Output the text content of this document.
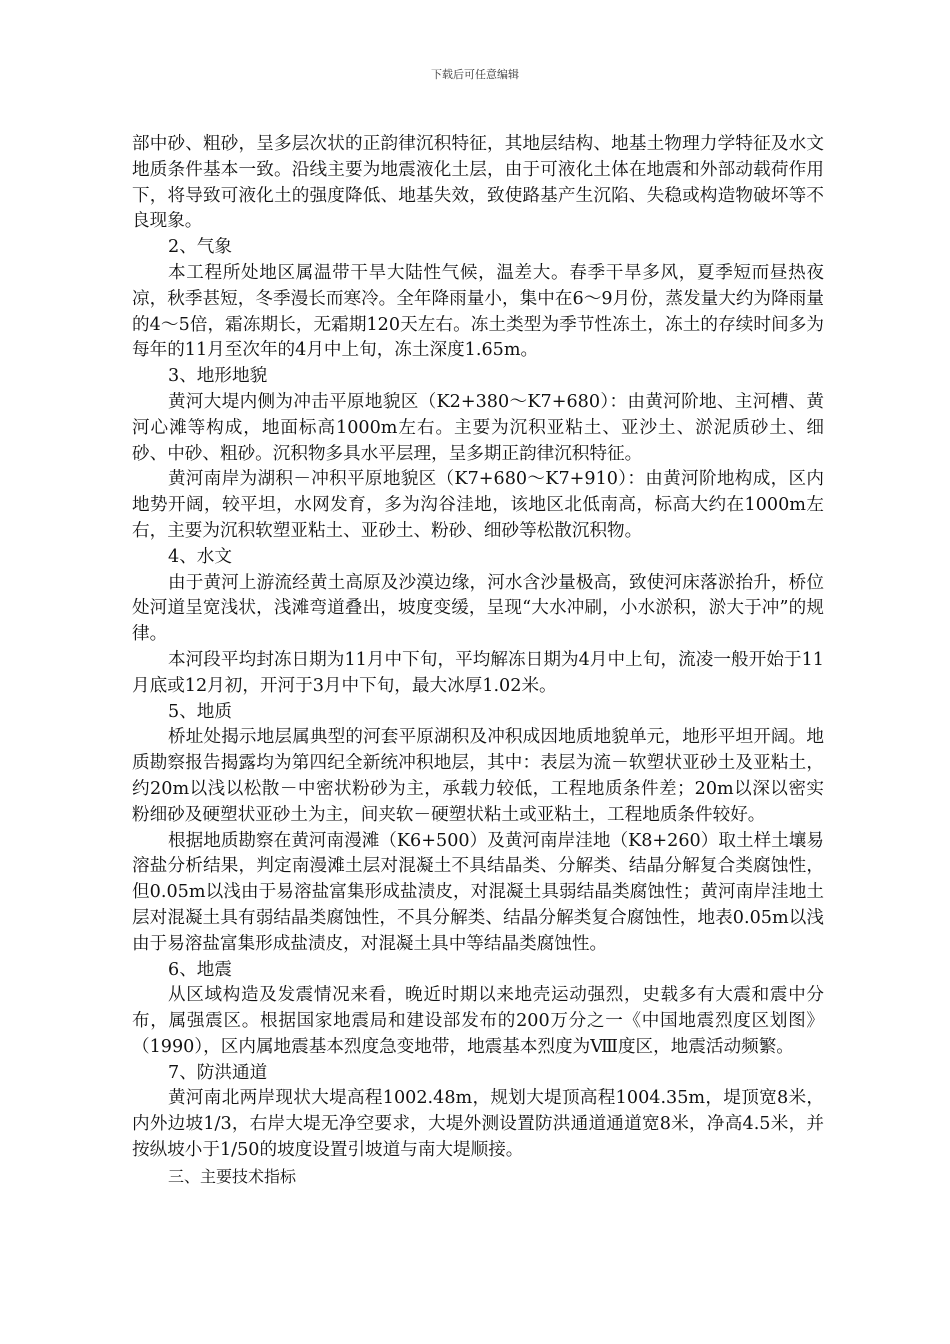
下载后可任意编辑

部中砂、粗砂，呈多层次状的正韵律沉积特征，其地层结构、地基土物理力学特征及水文地质条件基本一致。沿线主要为地震液化土层，由于可液化土体在地震和外部动载荷作用下，将导致可液化土的强度降低、地基失效，致使路基产生沉陷、失稳或构造物破坏等不良现象。

2、气象

本工程所处地区属温带干旱大陆性气候，温差大。春季干旱多风，夏季短而昼热夜凉，秋季甚短，冬季漫长而寒冷。全年降雨量小，集中在6～9月份，蒸发量大约为降雨量的4～5倍，霜冻期长，无霜期120天左右。冻土类型为季节性冻土，冻土的存续时间多为每年的11月至次年的4月中上旬，冻土深度1.65m。

3、地形地貌

黄河大堤内侧为冲击平原地貌区（K2+380～K7+680）：由黄河阶地、主河槽、黄河心滩等构成，地面标高1000m左右。主要为沉积亚粘土、亚沙土、淤泥质砂土、细砂、中砂、粗砂。沉积物多具水平层理，呈多期正韵律沉积特征。

黄河南岸为湖积－冲积平原地貌区（K7+680～K7+910）：由黄河阶地构成，区内地势开阔，较平坦，水网发育，多为沟谷洼地，该地区北低南高，标高大约在1000m左右，主要为沉积软塑亚粘土、亚砂土、粉砂、细砂等松散沉积物。

4、水文

由于黄河上游流经黄土高原及沙漠边缘，河水含沙量极高，致使河床落淤抬升，桥位处河道呈宽浅状，浅滩弯道叠出，坡度变缓，呈现“大水冲刷，小水淤积，淤大于冲”的规律。

本河段平均封冻日期为11月中下旬，平均解冻日期为4月中上旬，流凌一般开始于11月底或12月初，开河于3月中下旬，最大冰厚1.02米。

5、地质

桥址处揭示地层属典型的河套平原湖积及冲积成因地质地貌单元，地形平坦开阔。地质勘察报告揭露均为第四纪全新统冲积地层，其中：表层为流－软塑状亚砂土及亚粘土，约20m以浅以松散－中密状粉砂为主，承载力较低，工程地质条件差；20m以深以密实粉细砂及硬塑状亚砂土为主，间夹软－硬塑状粘土或亚粘土，工程地质条件较好。

根据地质勘察在黄河南漫滩（K6+500）及黄河南岸洼地（K8+260）取土样土壤易溶盐分析结果，判定南漫滩土层对混凝土不具结晶类、分解类、结晶分解复合类腐蚀性，但0.05m以浅由于易溶盐富集形成盐渍皮，对混凝土具弱结晶类腐蚀性；黄河南岸洼地土层对混凝土具有弱结晶类腐蚀性，不具分解类、结晶分解类复合腐蚀性，地表0.05m以浅由于易溶盐富集形成盐渍皮，对混凝土具中等结晶类腐蚀性。

6、地震

从区域构造及发震情况来看，晚近时期以来地壳运动强烈，史载多有大震和震中分布，属强震区。根据国家地震局和建设部发布的200万分之一《中国地震烈度区划图》（1990），区内属地震基本烈度急变地带，地震基本烈度为Ⅷ度区，地震活动频繁。

7、防洪通道

黄河南北两岸现状大堤高程1002.48m，规划大堤顶高程1004.35m，堤顶宽8米，内外边坡1/3，右岸大堤无净空要求，大堤外测设置防洪通道通道宽8米，净高4.5米，并按纵坡小于1/50的坡度设置引坡道与南大堤顺接。

三、主要技术指标
